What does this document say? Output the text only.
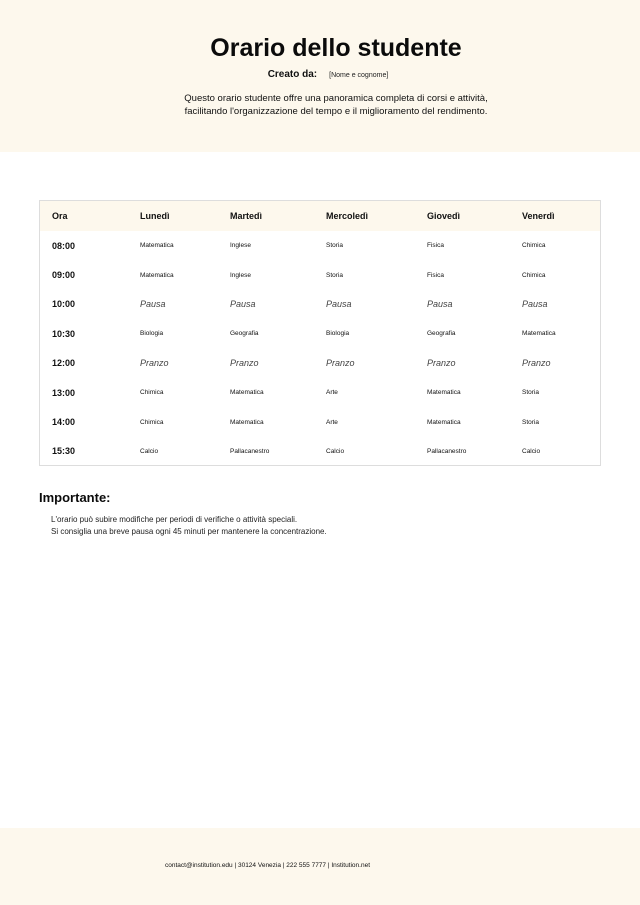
Orario dello studente
Creato da: [Nome e cognome]
Questo orario studente offre una panoramica completa di corsi e attività,
facilitando l'organizzazione del tempo e il miglioramento del rendimento.
Ora	Lunedì	Martedì	Mercoledì	Giovedì	Venerdì
08:00	Matematica	Inglese	Storia	Fisica	Chimica
09:00	Matematica	Inglese	Storia	Fisica	Chimica
10:00	Pausa	Pausa	Pausa	Pausa	Pausa
10:30	Biologia	Geografia	Biologia	Geografia	Matematica
12:00	Pranzo	Pranzo	Pranzo	Pranzo	Pranzo
13:00	Chimica	Matematica	Arte	Matematica	Storia
14:00	Chimica	Matematica	Arte	Matematica	Storia
15:30	Calcio	Pallacanestro	Calcio	Pallacanestro	Calcio
Importante:
L'orario può subire modifiche per periodi di verifiche o attività speciali.
Si consiglia una breve pausa ogni 45 minuti per mantenere la concentrazione.
contact@institution.edu | 30124 Venezia | 222 555 7777 | Institution.net
